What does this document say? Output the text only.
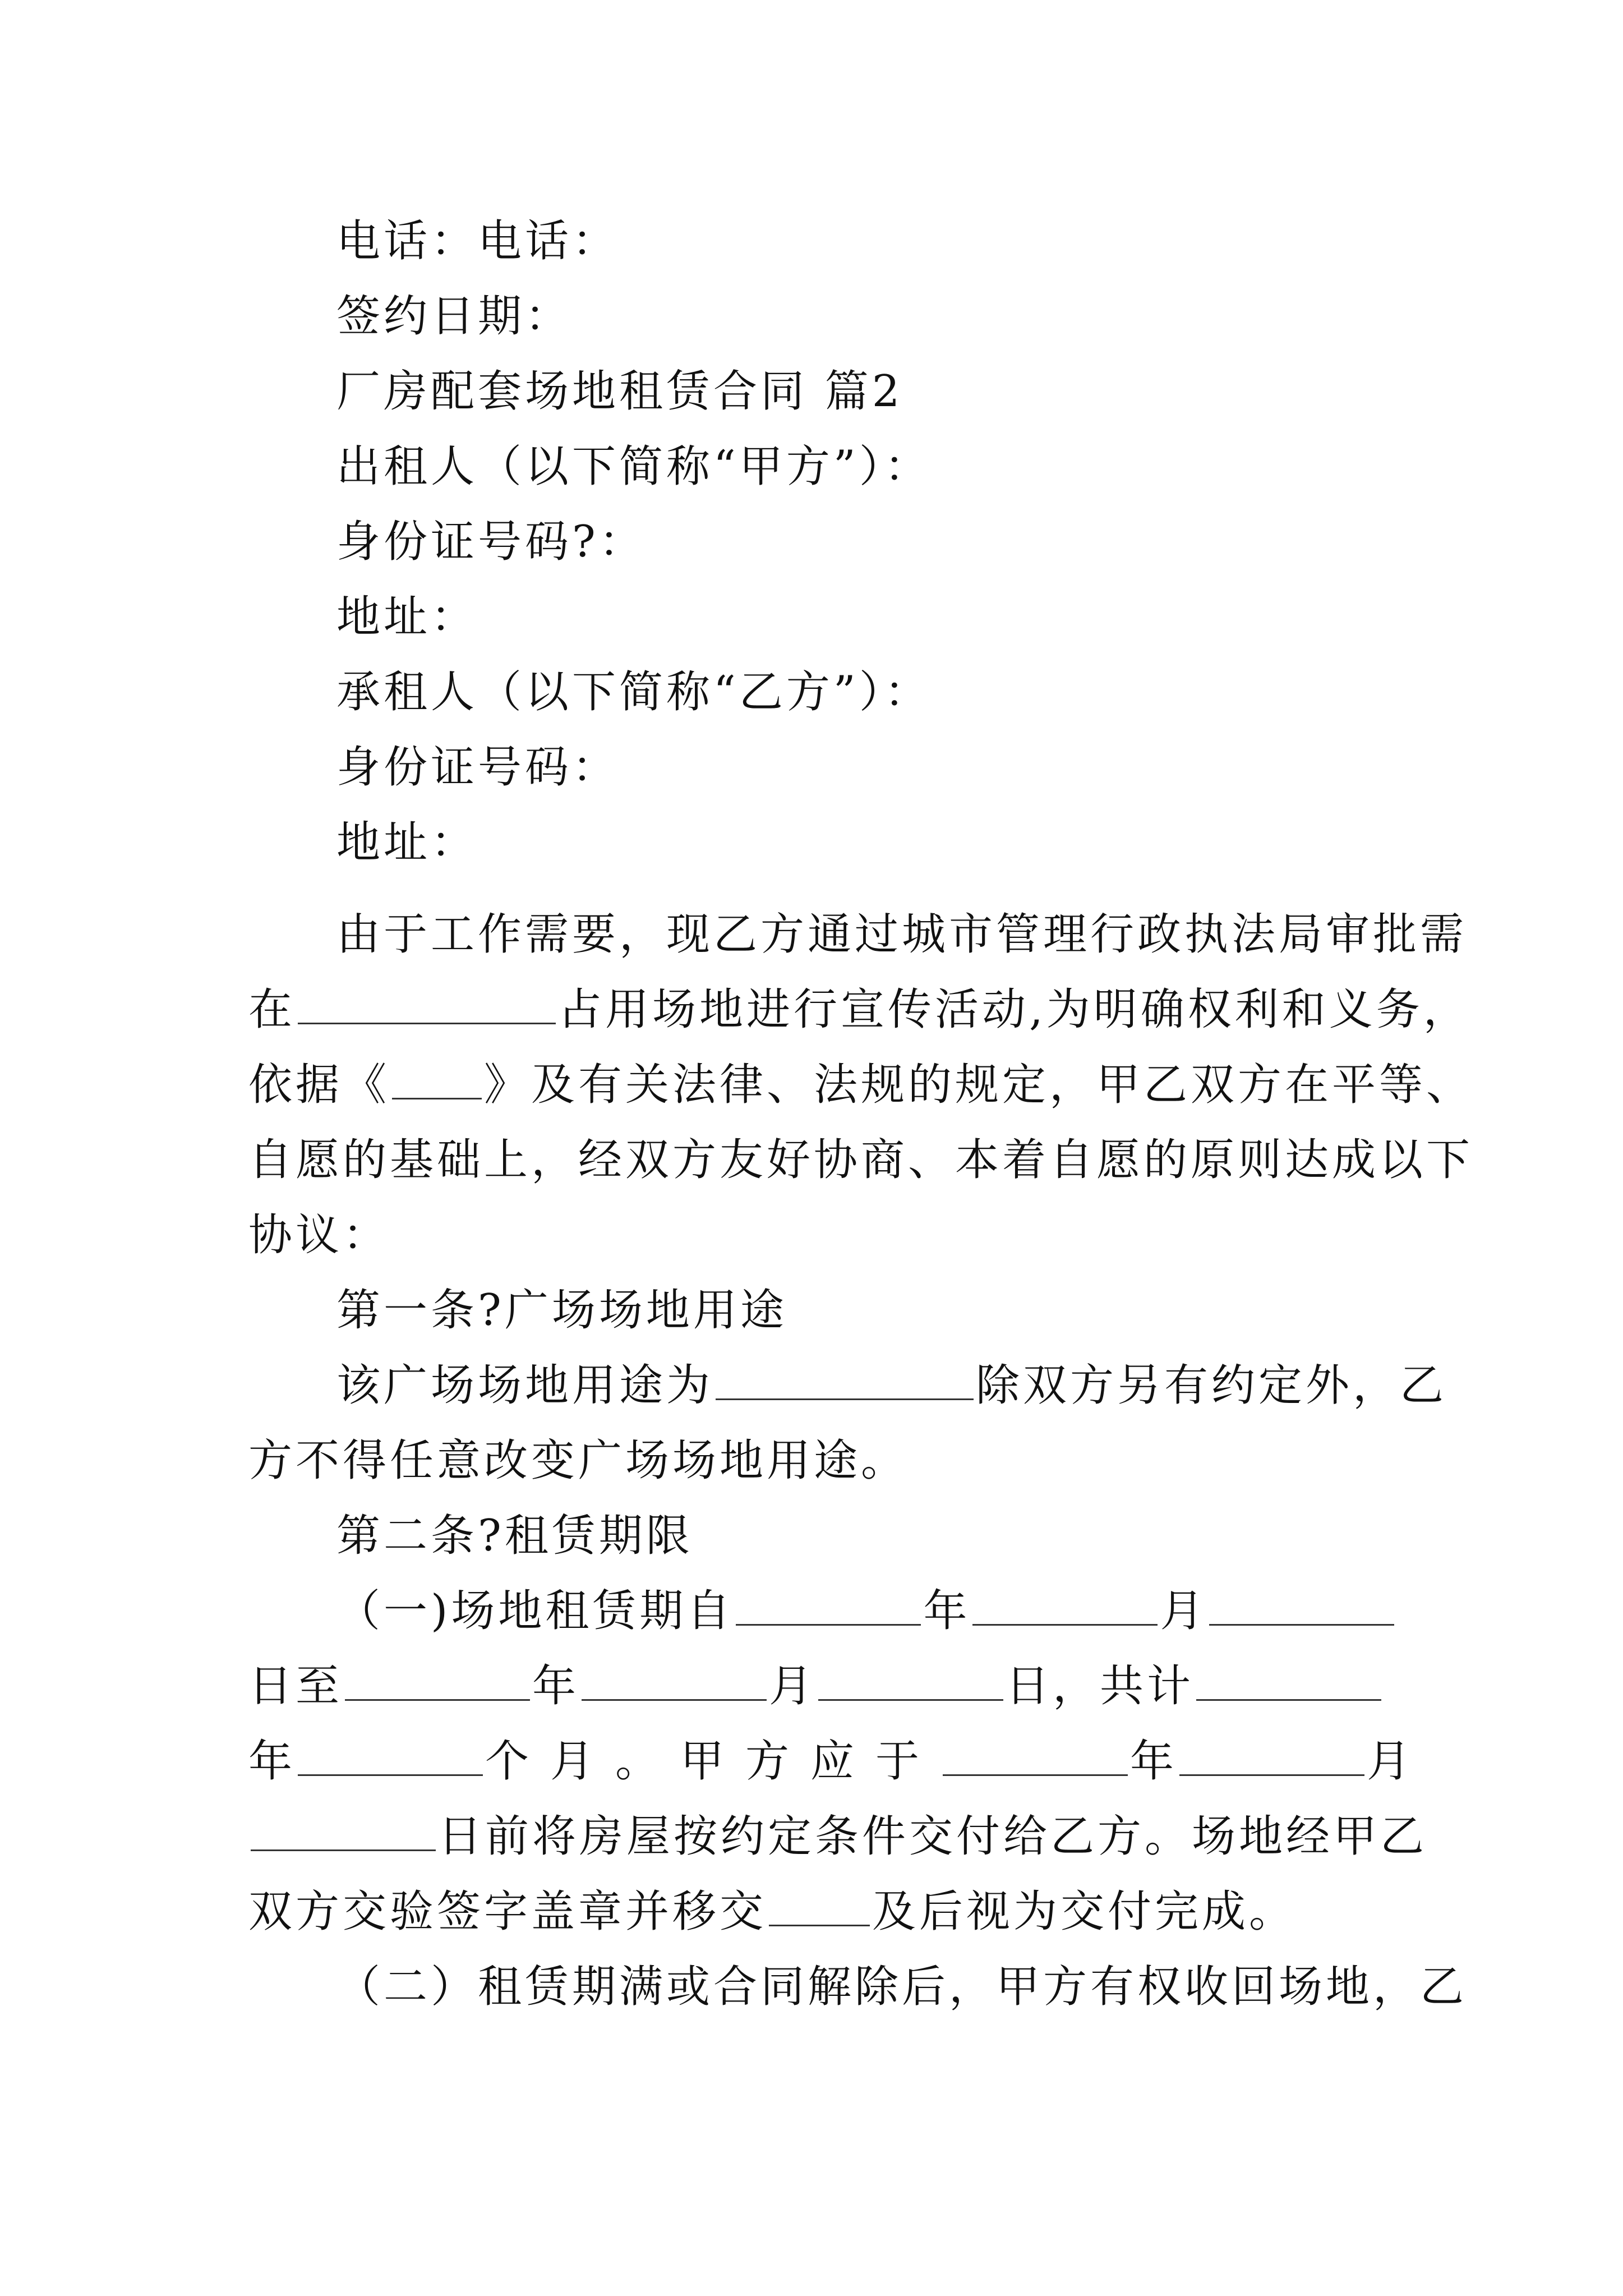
电话：电话：
签约日期：
厂房配套场地租赁合同 篇2
出租人（以下简称“甲方”）：
身份证号码?：
地址：
承租人（以下简称“乙方”）：
身份证号码：
地址：
由于工作需要，现乙方通过城市管理行政执法局审批需
在	占用场地进行宣传活动,为明确权利和义务，
依据《 》及有关法律、法规的规定，甲乙双方在平等、
自愿的基础上，经双方友好协商、本着自愿的原则达成以下
协议：
第一条?广场场地用途
该广场场地用途为	除双方另有约定外，乙
方不得任意改变广场场地用途。
第二条?租赁期限
（一)场地租赁期自	年	月
日至	年	月	日，共计
年	个月。甲方应于	年	月
日前将房屋按约定条件交付给乙方。场地经甲乙
双方交验签字盖章并移交 及后视为交付完成。
（二）租赁期满或合同解除后，甲方有权收回场地，乙
